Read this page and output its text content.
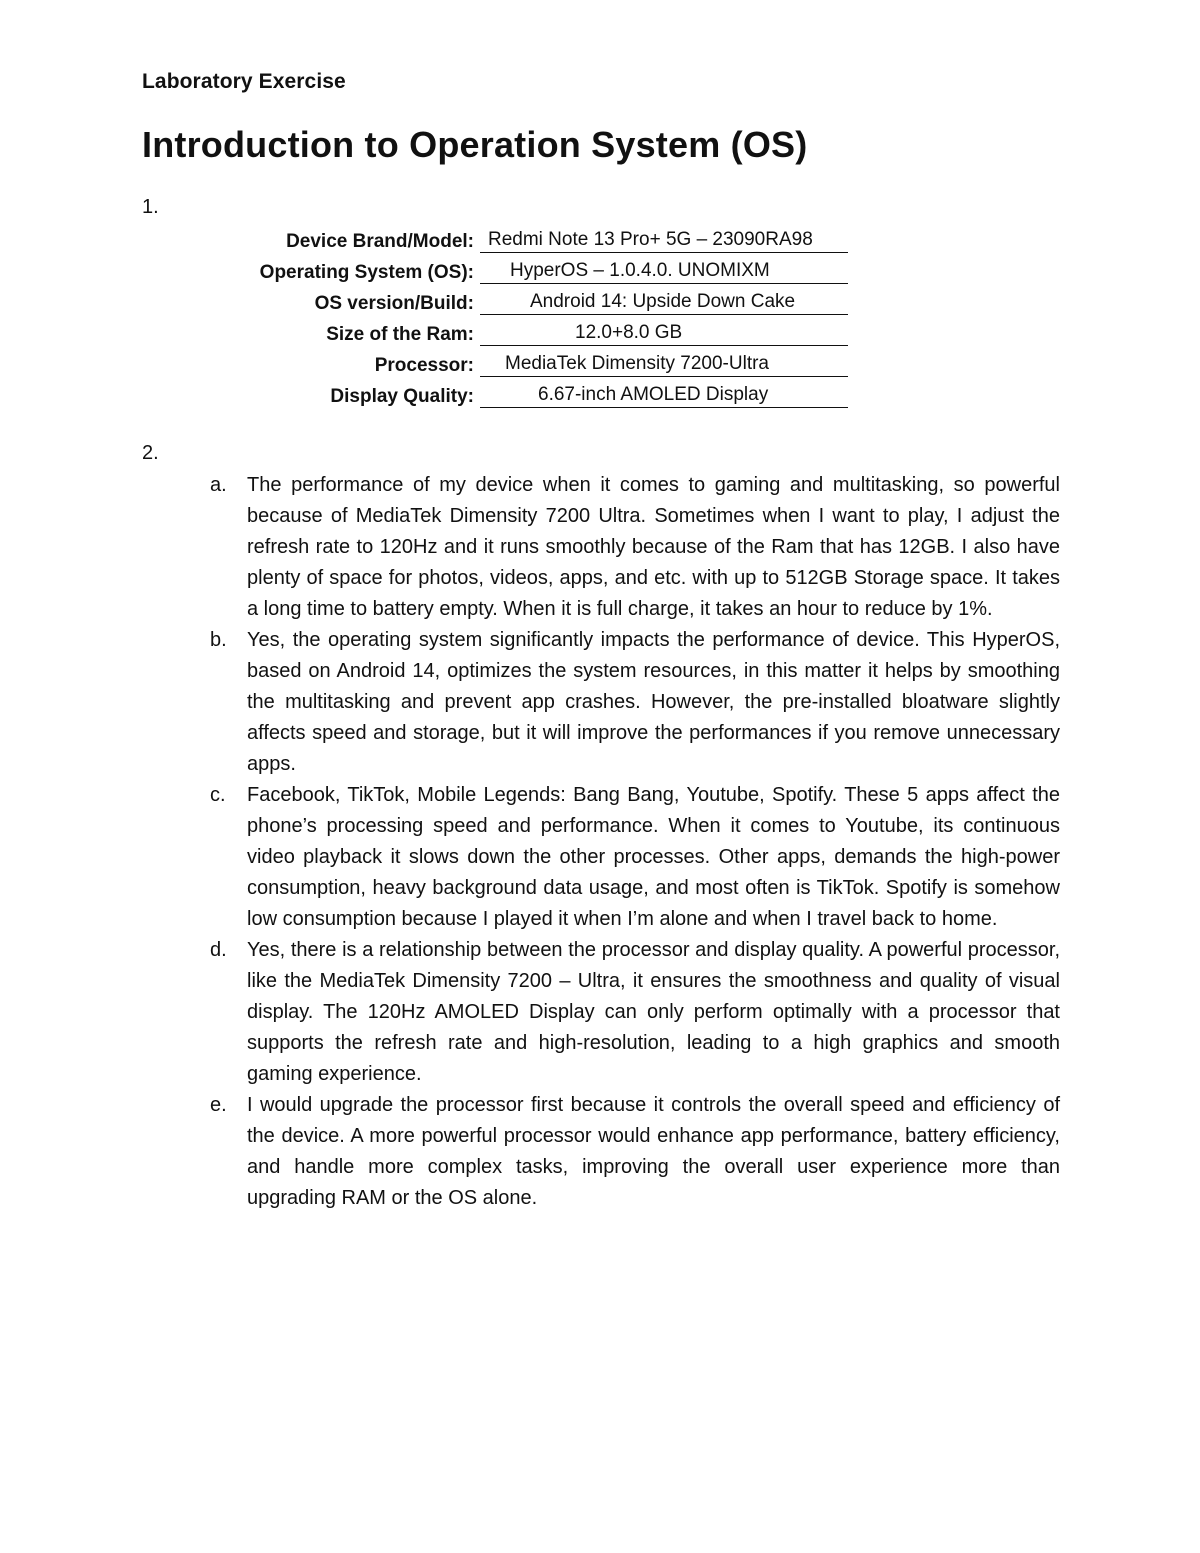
Laboratory Exercise
Introduction to Operation System (OS)
1.
Device Brand/Model: Redmi Note 13 Pro+ 5G – 23090RA98
Operating System (OS):	HyperOS – 1.0.4.0. UNOMIXM
OS version/Build:	Android 14: Upside Down Cake
Size of the Ram:	12.0+8.0 GB
Processor:	MediaTek Dimensity 7200-Ultra
Display Quality:	6.67-inch AMOLED Display
2.
a.	The performance of my device when it comes to gaming and multitasking, so powerful because of MediaTek Dimensity 7200 Ultra. Sometimes when I want to play, I adjust the refresh rate to 120Hz and it runs smoothly because of the Ram that has 12GB. I also have plenty of space for photos, videos, apps, and etc. with up to 512GB Storage space. It takes a long time to battery empty. When it is full charge, it takes an hour to reduce by 1%.
b.	Yes, the operating system significantly impacts the performance of device. This HyperOS, based on Android 14, optimizes the system resources, in this matter it helps by smoothing the multitasking and prevent app crashes. However, the pre-installed bloatware slightly affects speed and storage, but it will improve the performances if you remove unnecessary apps.
c.	Facebook, TikTok, Mobile Legends: Bang Bang, Youtube, Spotify. These 5 apps affect the phone’s processing speed and performance. When it comes to Youtube, its continuous video playback it slows down the other processes. Other apps, demands the high-power consumption, heavy background data usage, and most often is TikTok. Spotify is somehow low consumption because I played it when I’m alone and when I travel back to home.
d.	Yes, there is a relationship between the processor and display quality. A powerful processor, like the MediaTek Dimensity 7200 – Ultra, it ensures the smoothness and quality of visual display. The 120Hz AMOLED Display can only perform optimally with a processor that supports the refresh rate and high-resolution, leading to a high graphics and smooth gaming experience.
e.	I would upgrade the processor first because it controls the overall speed and efficiency of the device. A more powerful processor would enhance app performance, battery efficiency, and handle more complex tasks, improving the overall user experience more than upgrading RAM or the OS alone.
